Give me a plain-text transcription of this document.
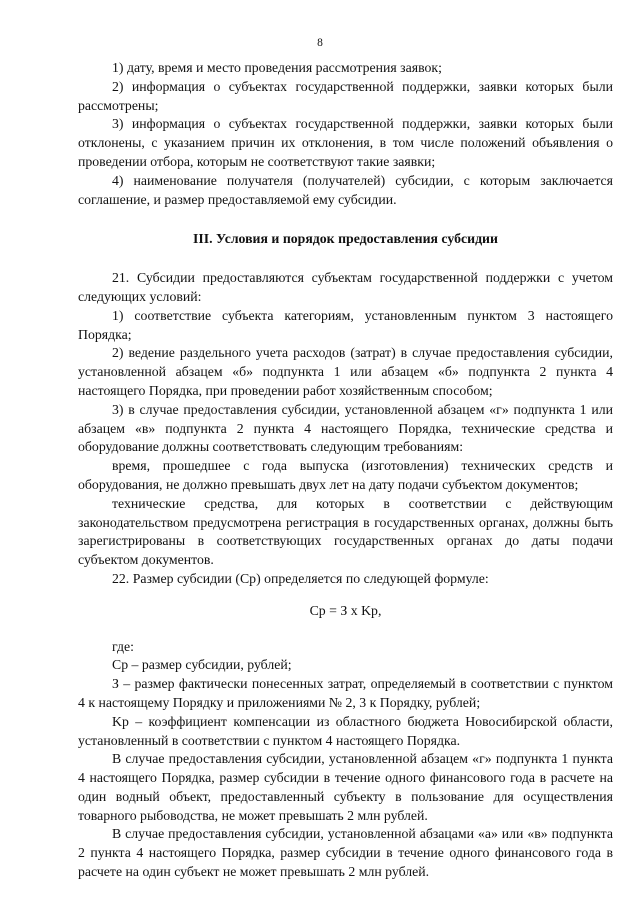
8

1) дату, время и место проведения рассмотрения заявок;

2) информация о субъектах государственной поддержки, заявки которых были рассмотрены;

3) информация о субъектах государственной поддержки, заявки которых были отклонены, с указанием причин их отклонения, в том числе положений объявления о проведении отбора, которым не соответствуют такие заявки;

4) наименование получателя (получателей) субсидии, с которым заключается соглашение, и размер предоставляемой ему субсидии.

III. Условия и порядок предоставления субсидии

21. Субсидии предоставляются субъектам государственной поддержки с учетом следующих условий:

1) соответствие субъекта категориям, установленным пунктом 3 настоящего Порядка;

2) ведение раздельного учета расходов (затрат) в случае предоставления субсидии, установленной абзацем «б» подпункта 1 или абзацем «б» подпункта 2 пункта 4 настоящего Порядка, при проведении работ хозяйственным способом;

3) в случае предоставления субсидии, установленной абзацем «г» подпункта 1 или абзацем «в» подпункта 2 пункта 4 настоящего Порядка, технические средства и оборудование должны соответствовать следующим требованиям:

время, прошедшее с года выпуска (изготовления) технических средств и оборудования, не должно превышать двух лет на дату подачи субъектом документов;

технические средства, для которых в соответствии с действующим законодательством предусмотрена регистрация в государственных органах, должны быть зарегистрированы в соответствующих государственных органах до даты подачи субъектом документов.

22. Размер субсидии (Cр) определяется по следующей формуле:

Cр = З x Kр,

где:

Cр – размер субсидии, рублей;

З – размер фактически понесенных затрат, определяемый в соответствии с пунктом 4 к настоящему Порядку и приложениями № 2, 3 к Порядку, рублей;

Kр – коэффициент компенсации из областного бюджета Новосибирской области, установленный в соответствии с пунктом 4 настоящего Порядка.

В случае предоставления субсидии, установленной абзацем «г» подпункта 1 пункта 4 настоящего Порядка, размер субсидии в течение одного финансового года в расчете на один водный объект, предоставленный субъекту в пользование для осуществления товарного рыбоводства, не может превышать 2 млн рублей.

В случае предоставления субсидии, установленной абзацами «а» или «в» подпункта 2 пункта 4 настоящего Порядка, размер субсидии в течение одного финансового года в расчете на один субъект не может превышать 2 млн рублей.
